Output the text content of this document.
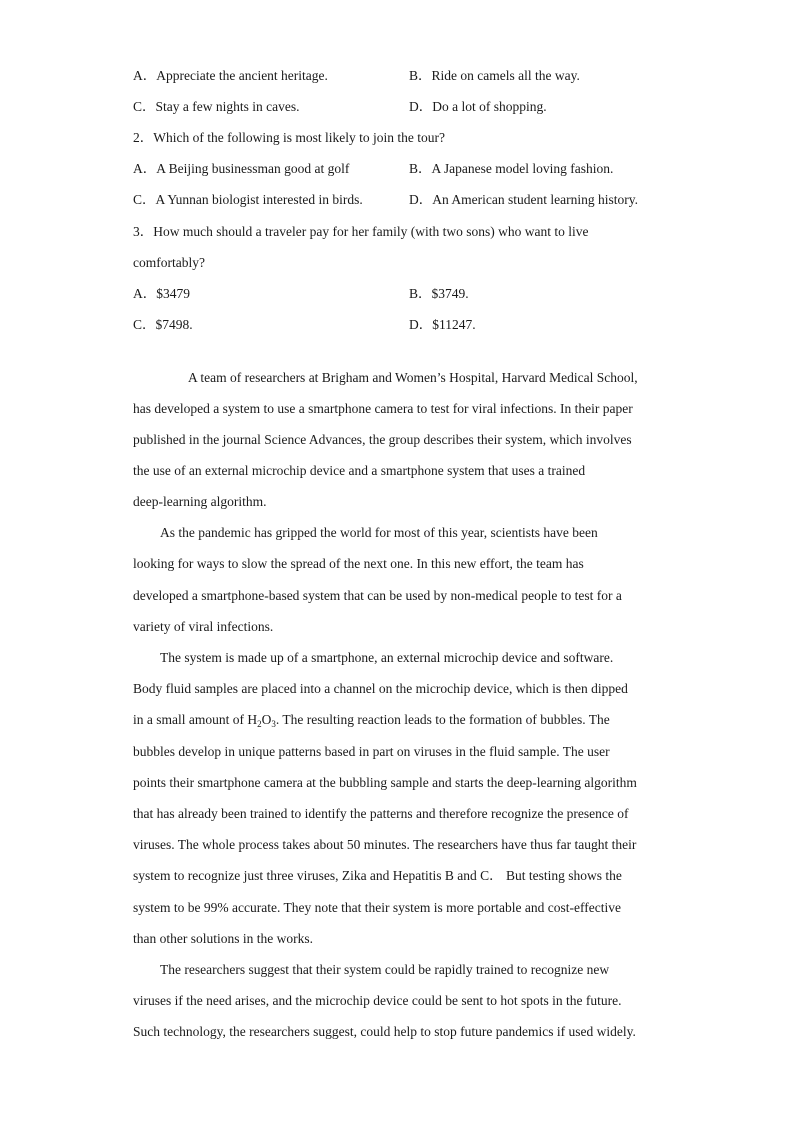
A．Appreciate the ancient heritage.	B．Ride on camels all the way.
C．Stay a few nights in caves.	D．Do a lot of shopping.
2．Which of the following is most likely to join the tour?
A．A Beijing businessman good at golf	B．A Japanese model loving fashion.
C．A Yunnan biologist interested in birds.	D．An American student learning history.
3．How much should a traveler pay for her family (with two sons) who want to live
comfortably?
A．$3479	B．$3749.
C．$7498.	D．$11247.
A team of researchers at Brigham and Women’s Hospital, Harvard Medical School,
has developed a system to use a smartphone camera to test for viral infections. In their paper
published in the journal Science Advances, the group describes their system, which involves
the use of an external microchip device and a smartphone system that uses a trained
deep-learning algorithm.
As the pandemic has gripped the world for most of this year, scientists have been
looking for ways to slow the spread of the next one. In this new effort, the team has
developed a smartphone-based system that can be used by non-medical people to test for a
variety of viral infections.
The system is made up of a smartphone, an external microchip device and software.
Body fluid samples are placed into a channel on the microchip device, which is then dipped
in a small amount of $H_2O_3$. The resulting reaction leads to the formation of bubbles. The
bubbles develop in unique patterns based in part on viruses in the fluid sample. The user
points their smartphone camera at the bubbling sample and starts the deep-learning algorithm
that has already been trained to identify the patterns and therefore recognize the presence of
viruses. The whole process takes about 50 minutes. The researchers have thus far taught their
system to recognize just three viruses, Zika and Hepatitis B and C． But testing shows the
system to be 99% accurate. They note that their system is more portable and cost-effective
than other solutions in the works.
The researchers suggest that their system could be rapidly trained to recognize new
viruses if the need arises, and the microchip device could be sent to hot spots in the future.
Such technology, the researchers suggest, could help to stop future pandemics if used widely.
